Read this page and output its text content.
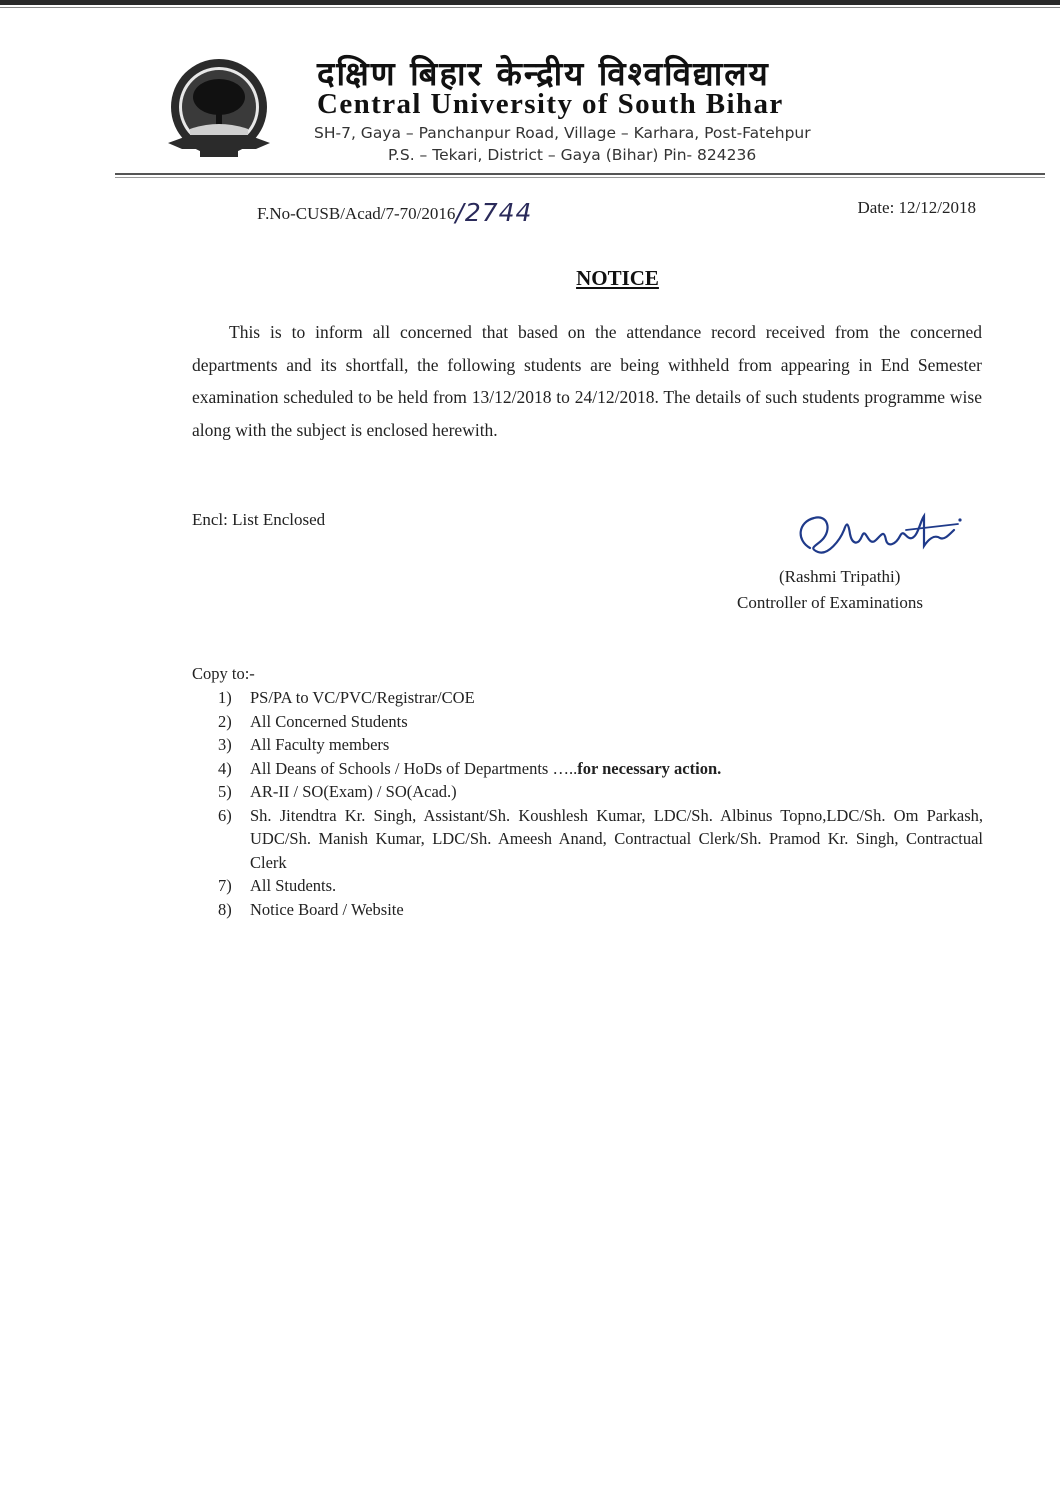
दक्षिण बिहार केन्द्रीय विश्वविद्यालय
Central University of South Bihar
SH-7, Gaya – Panchanpur Road, Village – Karhara, Post-Fatehpur
P.S. – Tekari, District – Gaya (Bihar) Pin- 824236
F.No-CUSB/Acad/7-70/2016/2744	Date: 12/12/2018
NOTICE
This is to inform all concerned that based on the attendance record received from the concerned departments and its shortfall, the following students are being withheld from appearing in End Semester examination scheduled to be held from 13/12/2018 to 24/12/2018. The details of such students programme wise along with the subject is enclosed herewith.
Encl: List Enclosed
(Rashmi Tripathi)
Controller of Examinations
Copy to:-
1)	PS/PA to VC/PVC/Registrar/COE
2)	All Concerned Students
3)	All Faculty members
4)	All Deans of Schools / HoDs of Departments …..for necessary action.
5)	AR-II / SO(Exam) / SO(Acad.)
6)	Sh. Jitendtra Kr. Singh, Assistant/Sh. Koushlesh Kumar, LDC/Sh. Albinus Topno,LDC/Sh. Om Parkash, UDC/Sh. Manish Kumar, LDC/Sh. Ameesh Anand, Contractual Clerk/Sh. Pramod Kr. Singh, Contractual Clerk
7)	All Students.
8)	Notice Board / Website
